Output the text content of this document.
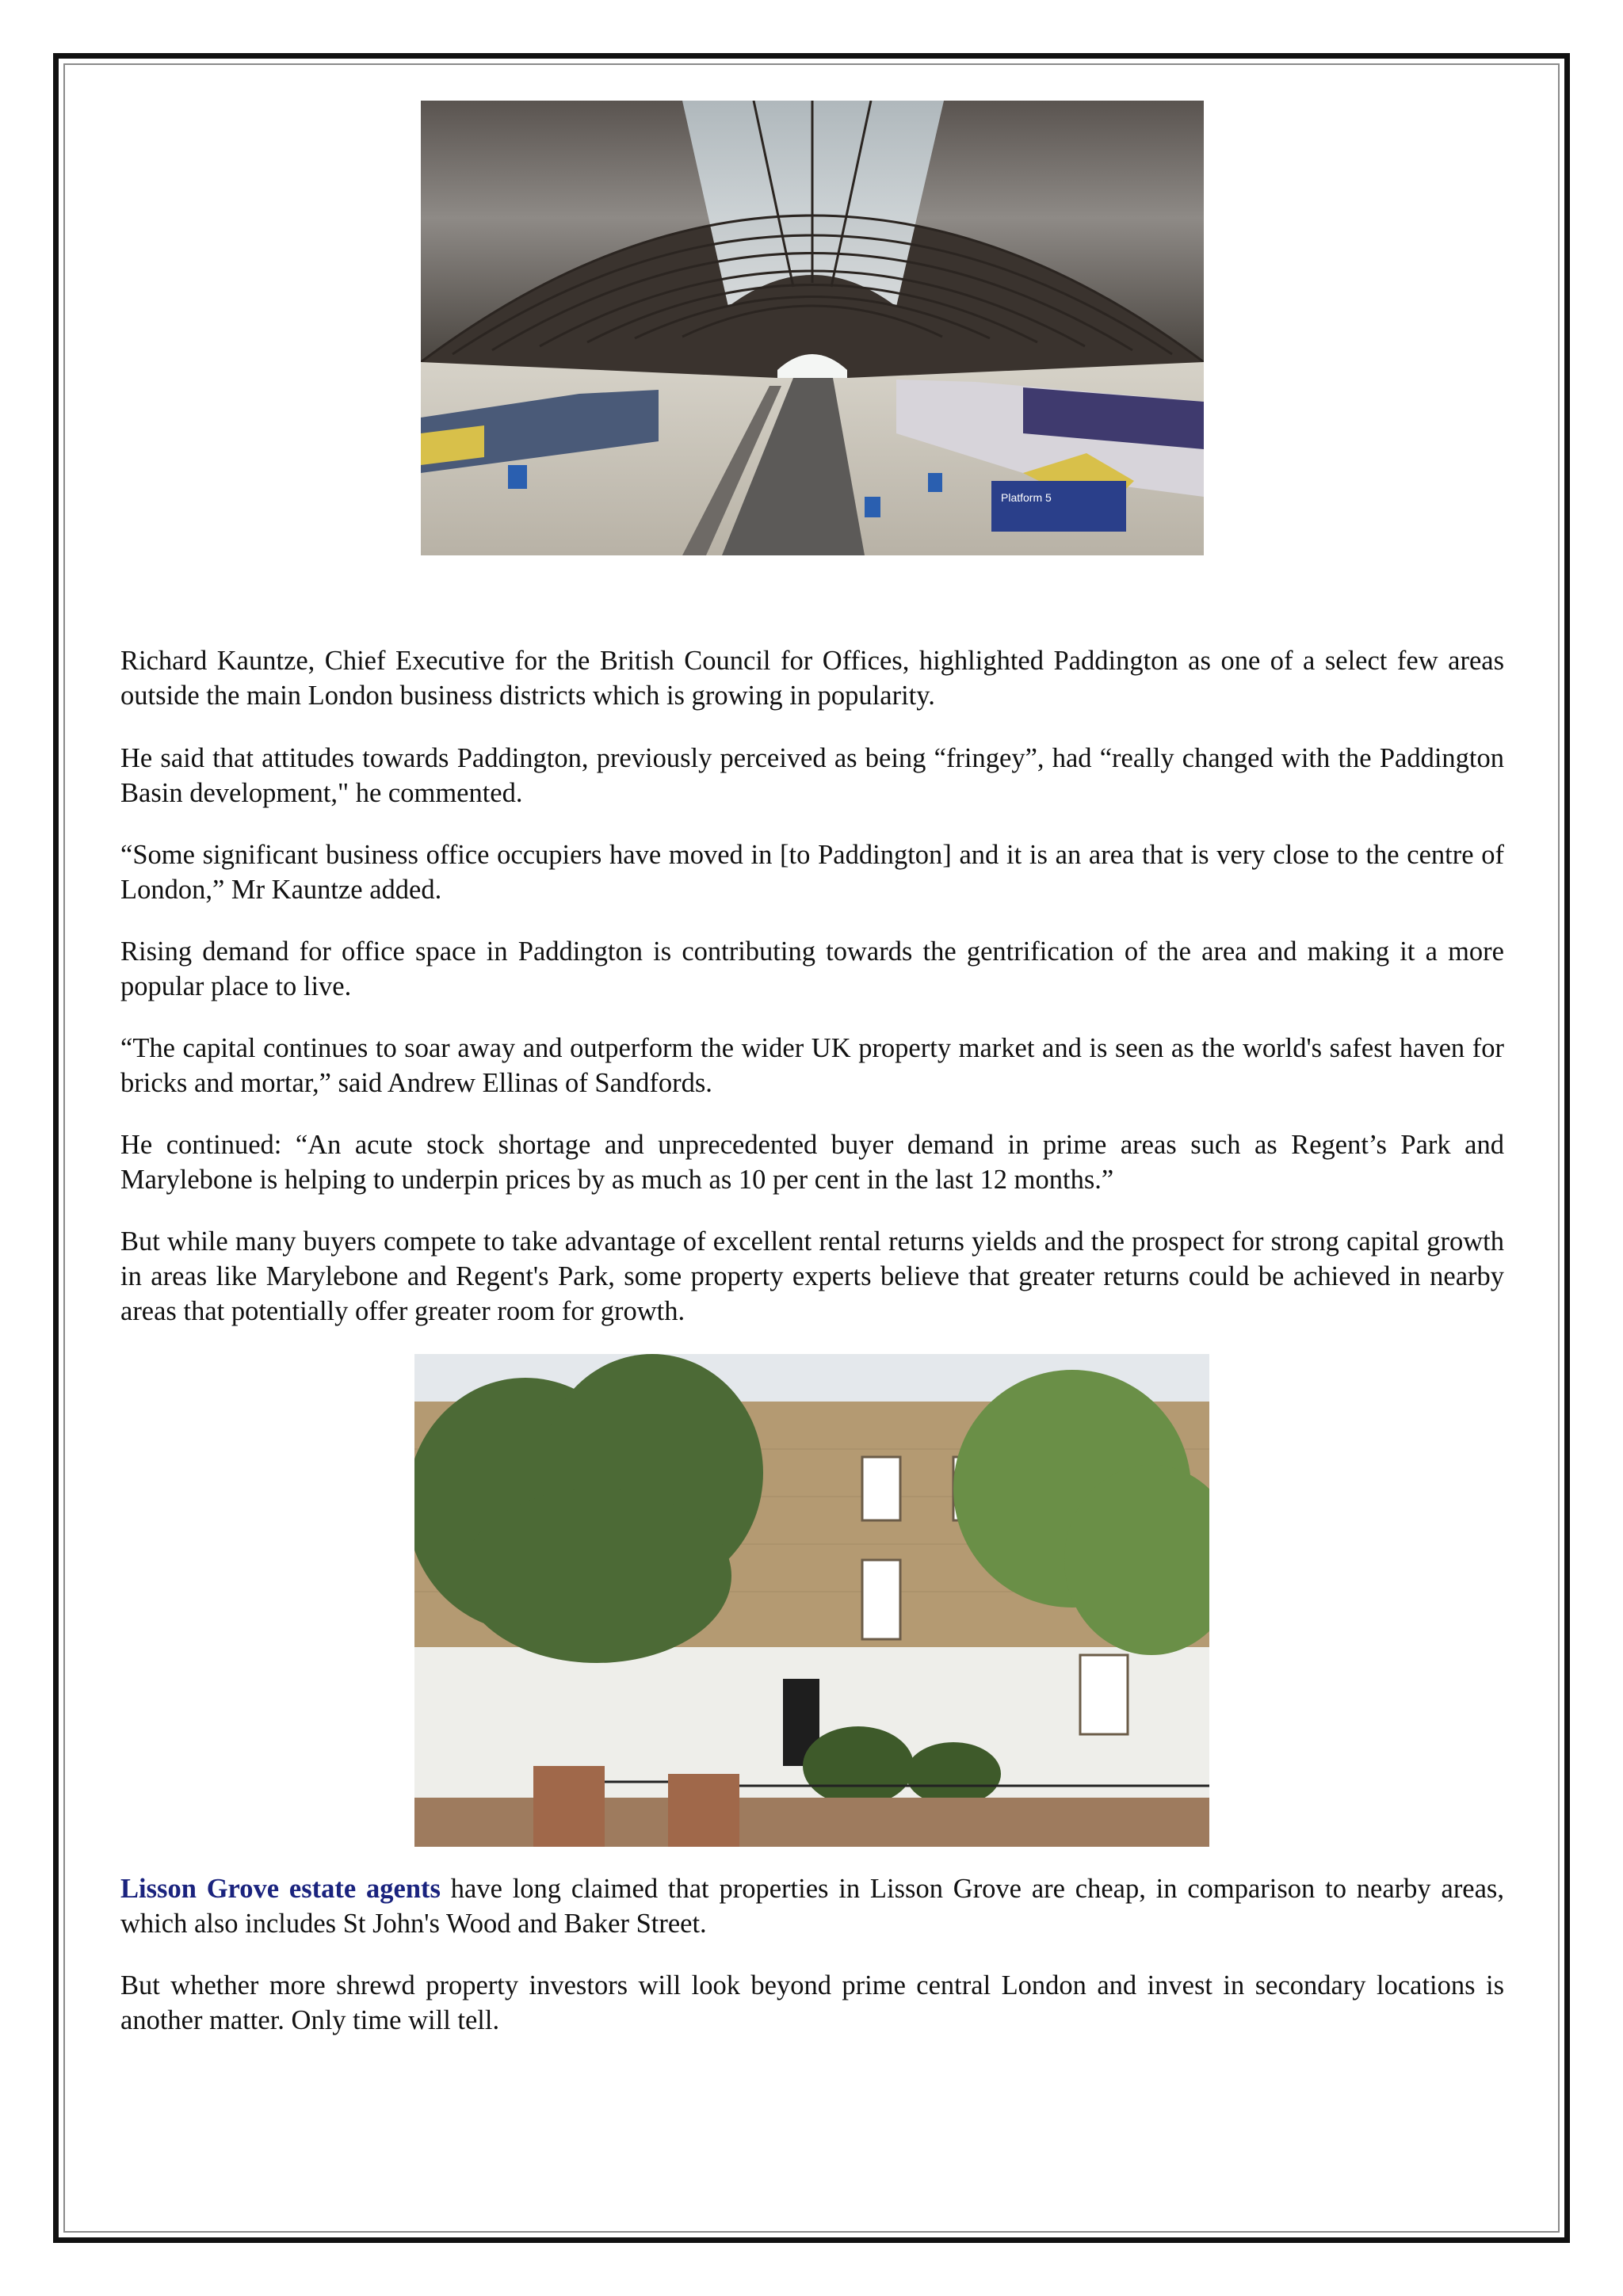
Platform 5

Richard Kauntze, Chief Executive for the British Council for Offices, highlighted Paddington as one of a select few areas outside the main London business districts which is growing in popularity.

He said that attitudes towards Paddington, previously perceived as being “fringey”, had “really changed with the Paddington Basin development," he commented.

“Some significant business office occupiers have moved in [to Paddington] and it is an area that is very close to the centre of London,” Mr Kauntze added.

Rising demand for office space in Paddington is contributing towards the gentrification of the area and making it a more popular place to live.

“The capital continues to soar away and outperform the wider UK property market and is seen as the world's safest haven for bricks and mortar,” said Andrew Ellinas of Sandfords.

He continued: “An acute stock shortage and unprecedented buyer demand in prime areas such as Regent’s Park and Marylebone is helping to underpin prices by as much as 10 per cent in the last 12 months.”

But while many buyers compete to take advantage of excellent rental returns yields and the prospect for strong capital growth in areas like Marylebone and Regent's Park, some property experts believe that greater returns could be achieved in nearby areas that potentially offer greater room for growth.

Lisson Grove estate agents have long claimed that properties in Lisson Grove are cheap, in comparison to nearby areas, which also includes St John's Wood and Baker Street.

But whether more shrewd property investors will look beyond prime central London and invest in secondary locations is another matter. Only time will tell.
